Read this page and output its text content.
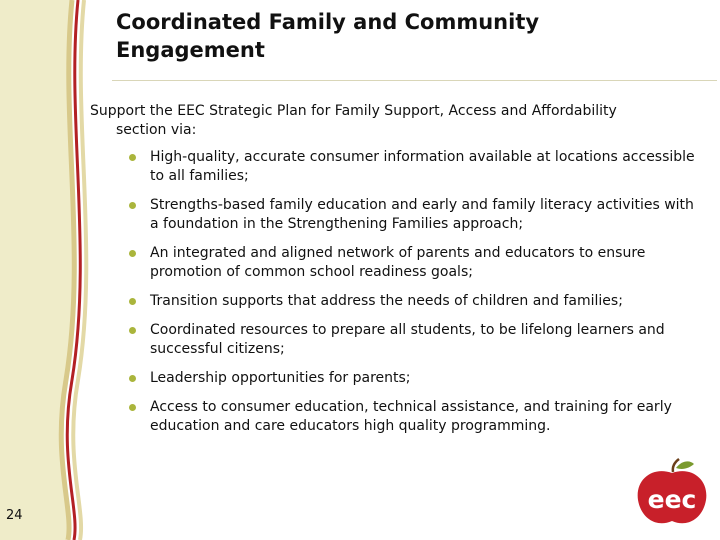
Coordinated Family and Community
Engagement
Support the EEC Strategic Plan for Family Support, Access and Affordability section via:
High-quality, accurate consumer information available at locations accessible to all families;
Strengths-based family education and early and family literacy activities with a foundation in the Strengthening Families approach;
An integrated and aligned network of parents and educators to ensure promotion of common school readiness goals;
Transition supports that address the needs of children and families;
Coordinated resources to prepare all students, to be lifelong learners and successful citizens;
Leadership opportunities for parents;
Access to consumer education, technical assistance, and training for early education and care educators high quality programming.
24
eec
